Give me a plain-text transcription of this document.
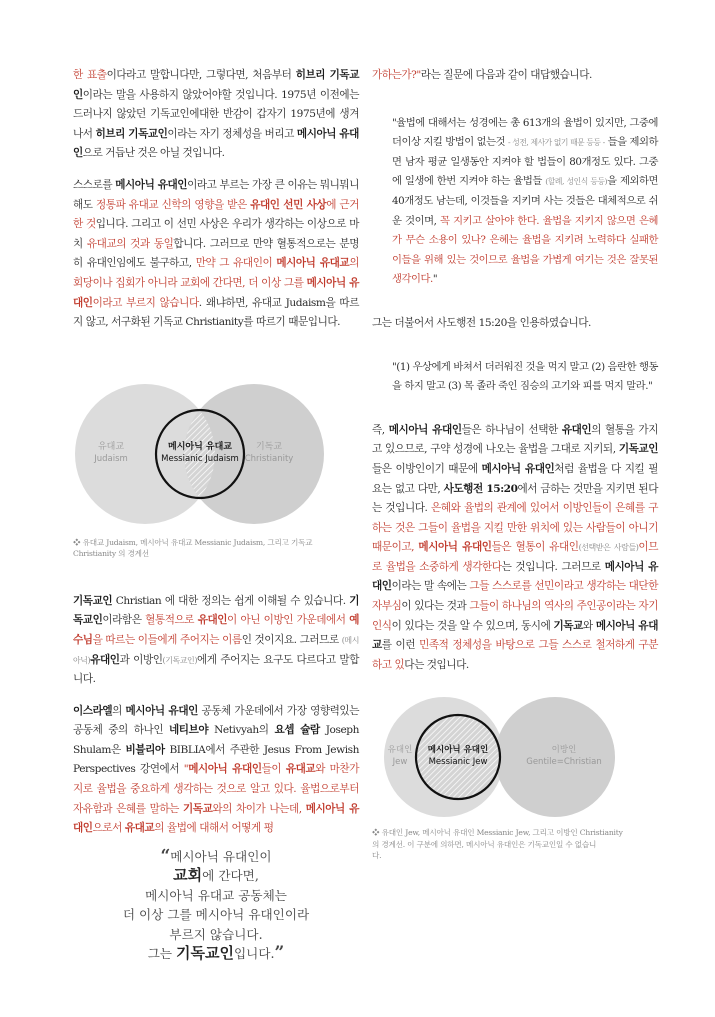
한 표출이다라고 말합니다만, 그렇다면, 처음부터 히브리 기독교인이라는 말을 사용하지 않았어야할 것입니다. 1975년 이전에는 드러나지 않았던 기독교인에대한 반감이 갑자기 1975년에 생겨나서 히브리 기독교인이라는 자기 정체성을 버리고 메시아닉 유대인으로 거듭난 것은 아닐 것입니다.

스스로를 메시아닉 유대인이라고 부르는 가장 큰 이유는 뭐니뭐니해도 정통파 유대교 신학의 영향을 받은 유대인 선민 사상에 근거한 것입니다. 그리고 이 선민 사상은 우리가 생각하는 이상으로 마치 유대교의 것과 동일합니다. 그러므로 만약 혈통적으로는 분명히 유대인임에도 불구하고, 만약 그 유대인이 메시아닉 유대교의 회당이나 집회가 아니라 교회에 간다면, 더 이상 그를 메시아닉 유대인이라고 부르지 않습니다. 왜냐하면, 유대교 Judaism을 따르지 않고, 서구화된 기독교 Christianity를 따르기 때문입니다.

유대교
Judaism
기독교
Christianity
메시아닉 유대교
Messianic Judaism

❖ 유대교 Judaism, 메시아닉 유대교 Messianic Judaism, 그리고 기독교
Christianity 의 경계선

기독교인 Christian 에 대한 정의는 쉽게 이해될 수 있습니다. 기독교인이라함은 혈통적으로 유대인이 아닌 이방인 가운데에서 예수님을 따르는 이들에게 주어지는 이름인 것이지요. 그러므로 (메시아닉)유대인과 이방인(기독교인)에게 주어지는 요구도 다르다고 말합니다.

이스라엘의 메시아닉 유대인 공동체 가운데에서 가장 영향력있는 공동체 중의 하나인 네티브야 Netivyah의 요셉 슐람 Joseph Shulam은 비블리아 BIBLIA에서 주관한 Jesus From Jewish Perspectives 강연에서 "메시아닉 유대인들이 유대교와 마찬가지로 율법을 중요하게 생각하는 것으로 알고 있다. 율법으로부터 자유함과 은혜를 말하는 기독교와의 차이가 나는데, 메시아닉 유대인으로서 유대교의 율법에 대해서 어떻게 평

“메시아닉 유대인이

교회에 간다면,

메시아닉 유대교 공동체는

더 이상 그를 메시아닉 유대인이라

부르지 않습니다.

그는 기독교인입니다.”

가하는가?"라는 질문에 다음과 같이 대답했습니다.

"율법에 대해서는 성경에는 총 613개의 율법이 있지만, 그중에 더이상 지킬 방법이 없는것 - 성전, 제사가 없기 때문 등등 - 들을 제외하면 남자 평균 일생동안 지켜야 할 법들이 80개정도 있다. 그중에 일생에 한번 지켜야 하는 율법들 (할례, 성인식 등등)을 제외하면 40개정도 남는데, 이것들을 지키며 사는 것들은 대체적으로 쉬운 것이며, 꼭 지키고 살아야 한다. 율법을 지키지 않으면 은혜가 무슨 소용이 있나? 은혜는 율법을 지키려 노력하다 실패한 이들을 위해 있는 것이므로 율법을 가볍게 여기는 것은 잘못된 생각이다."

그는 더불어서 사도행전 15:20을 인용하였습니다.

"(1) 우상에게 바쳐서 더러워진 것을 먹지 말고 (2) 음란한 행동을 하지 말고 (3) 목 졸라 죽인 짐승의 고기와 피를 먹지 말라."

즉, 메시아닉 유대인들은 하나님이 선택한 유대인의 혈통을 가지고 있으므로, 구약 성경에 나오는 율법을 그대로 지키되, 기독교인들은 이방인이기 때문에 메시아닉 유대인처럼 율법을 다 지킬 필요는 없고 다만, 사도행전 15:20에서 금하는 것만을 지키면 된다는 것입니다. 은혜와 율법의 관계에 있어서 이방인들이 은혜를 구하는 것은 그들이 율법을 지킬 만한 위치에 있는 사람들이 아니기 때문이고, 메시아닉 유대인들은 혈통이 유대인(선택받은 사람들)이므로 율법을 소중하게 생각한다는 것입니다. 그러므로 메시아닉 유대인이라는 말 속에는 그들 스스로를 선민이라고 생각하는 대단한 자부심이 있다는 것과 그들이 하나님의 역사의 주인공이라는 자기 인식이 있다는 것을 알 수 있으며, 동시에 기독교와 메시아닉 유대교를 이런 민족적 정체성을 바탕으로 그들 스스로 철저하게 구분하고 있다는 것입니다.

유대인
Jew
이방인
Gentile=Christian
메시아닉 유대인
Messianic Jew

❖ 유대인 Jew, 메시아닉 유대인 Messianic Jew, 그리고 이방인 Christianity
의 경계선. 이 구분에 의하면, 메시아닉 유대인은 기독교인일 수 없습니
다.
